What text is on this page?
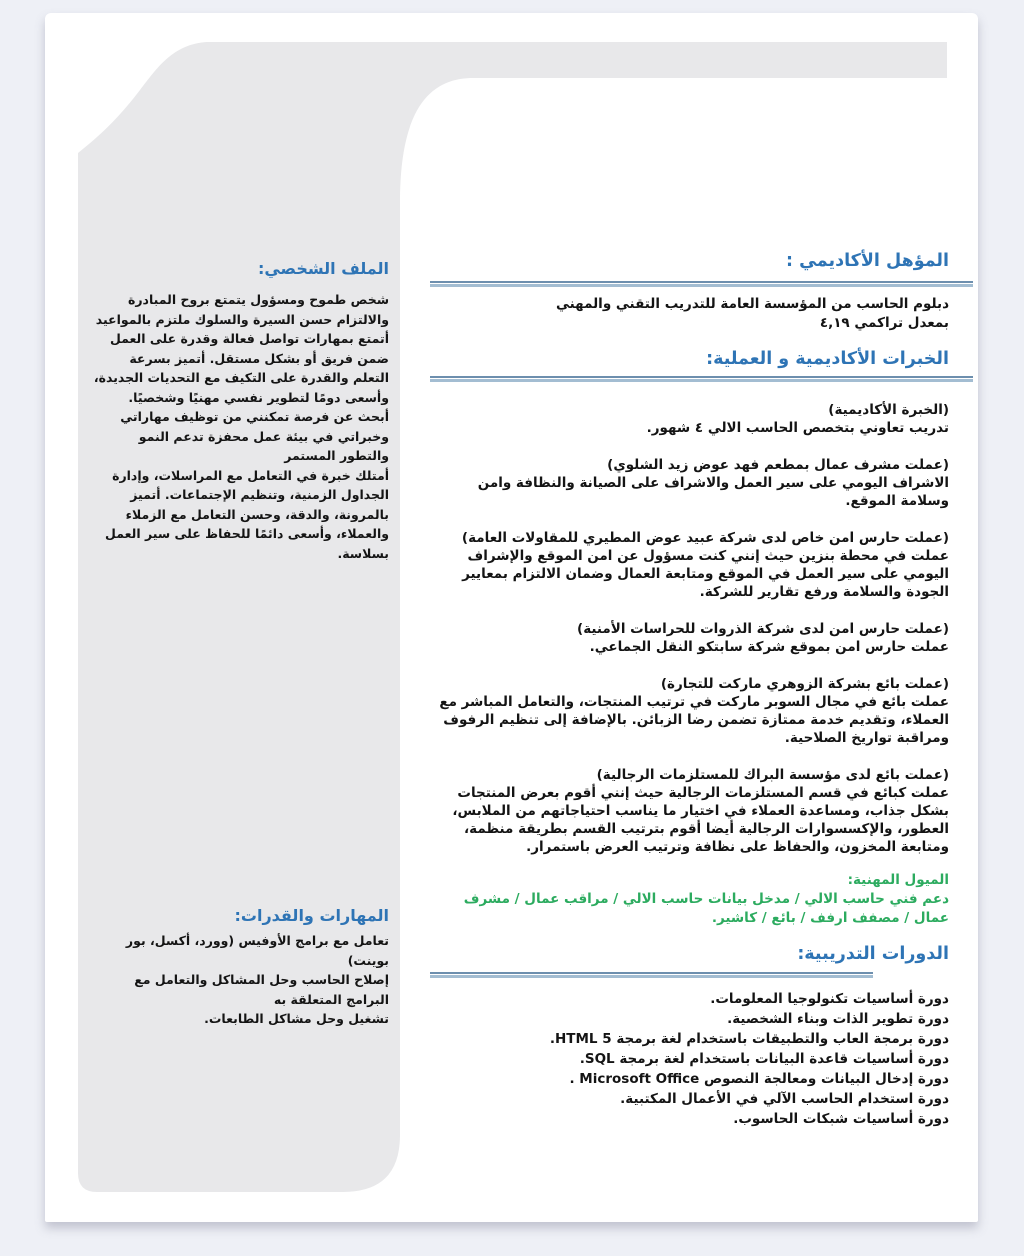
الملف الشخصي:
شخص طموح ومسؤول يتمتع بروح المبادرة والالتزام حسن السيرة والسلوك ملتزم بالمواعيد أتمتع بمهارات تواصل فعالة وقدرة على العمل ضمن فريق أو بشكل مستقل. أتميز بسرعة التعلم والقدرة على التكيف مع التحديات الجديدة، وأسعى دومًا لتطوير نفسي مهنيًا وشخصيًا. أبحث عن فرصة تمكنني من توظيف مهاراتي وخبراتي في بيئة عمل محفزة تدعم النمو والتطور المستمر
أمتلك خبرة في التعامل مع المراسلات، وإدارة الجداول الزمنية، وتنظيم الإجتماعات. أتميز بالمرونة، والدقة، وحسن التعامل مع الزملاء والعملاء، وأسعى دائمًا للحفاظ على سير العمل بسلاسة.
المهارات والقدرات:
تعامل مع برامج الأوفيس (وورد، أكسل، بور بوينت)
إصلاح الحاسب وحل المشاكل والتعامل مع البرامج المتعلقة به
تشغيل وحل مشاكل الطابعات.
المؤهل الأكاديمي :
دبلوم الحاسب من المؤسسة العامة للتدريب التقني والمهني
بمعدل تراكمي ٤,١٩
الخبرات الأكاديمية و العملية:
(الخبرة الأكاديمية)
تدريب تعاوني بتخصص الحاسب الالي ٤ شهور.
(عملت مشرف عمال بمطعم فهد عوض زيد الشلوي)
الاشراف اليومي على سير العمل والاشراف على الصيانة والنظافة وامن وسلامة الموقع.
(عملت حارس امن خاص لدى شركة عبيد عوض المطيري للمقاولات العامة)
عملت في محطة بنزين حيث إنني كنت مسؤول عن امن الموقع والإشراف اليومي على سير العمل في الموقع ومتابعة العمال وضمان الالتزام بمعايير الجودة والسلامة ورفع تقارير للشركة.
(عملت حارس امن لدى شركة الذروات للحراسات الأمنية)
عملت حارس امن بموقع شركة سابتكو النقل الجماعي.
(عملت بائع بشركة الزوهري ماركت للتجارة)
عملت بائع في مجال السوبر ماركت في ترتيب المنتجات، والتعامل المباشر مع العملاء، وتقديم خدمة ممتازة تضمن رضا الزبائن. بالإضافة إلى تنظيم الرفوف ومراقبة تواريخ الصلاحية.
(عملت بائع لدى مؤسسة البراك للمستلزمات الرجالية)
عملت كبائع في قسم المستلزمات الرجالية حيث إنني أقوم بعرض المنتجات بشكل جذاب، ومساعدة العملاء في اختيار ما يناسب احتياجاتهم من الملابس، العطور، والإكسسوارات الرجالية أيضا أقوم بترتيب القسم بطريقة منظمة، ومتابعة المخزون، والحفاظ على نظافة وترتيب العرض باستمرار.
الميول المهنية:
دعم فني حاسب الالي / مدخل بيانات حاسب الالي / مراقب عمال / مشرف عمال / مصفف ارفف / بائع / كاشير.
الدورات التدريبية:
دورة أساسيات تكنولوجيا المعلومات.
دورة تطوير الذات وبناء الشخصية.
دورة برمجة العاب والتطبيقات باستخدام لغة برمجة HTML 5.
دورة أساسيات قاعدة البيانات باستخدام لغة برمجة SQL.
دورة إدخال البيانات ومعالجة النصوص Microsoft Office .
دورة استخدام الحاسب الآلي في الأعمال المكتبية.
دورة أساسيات شبكات الحاسوب.
